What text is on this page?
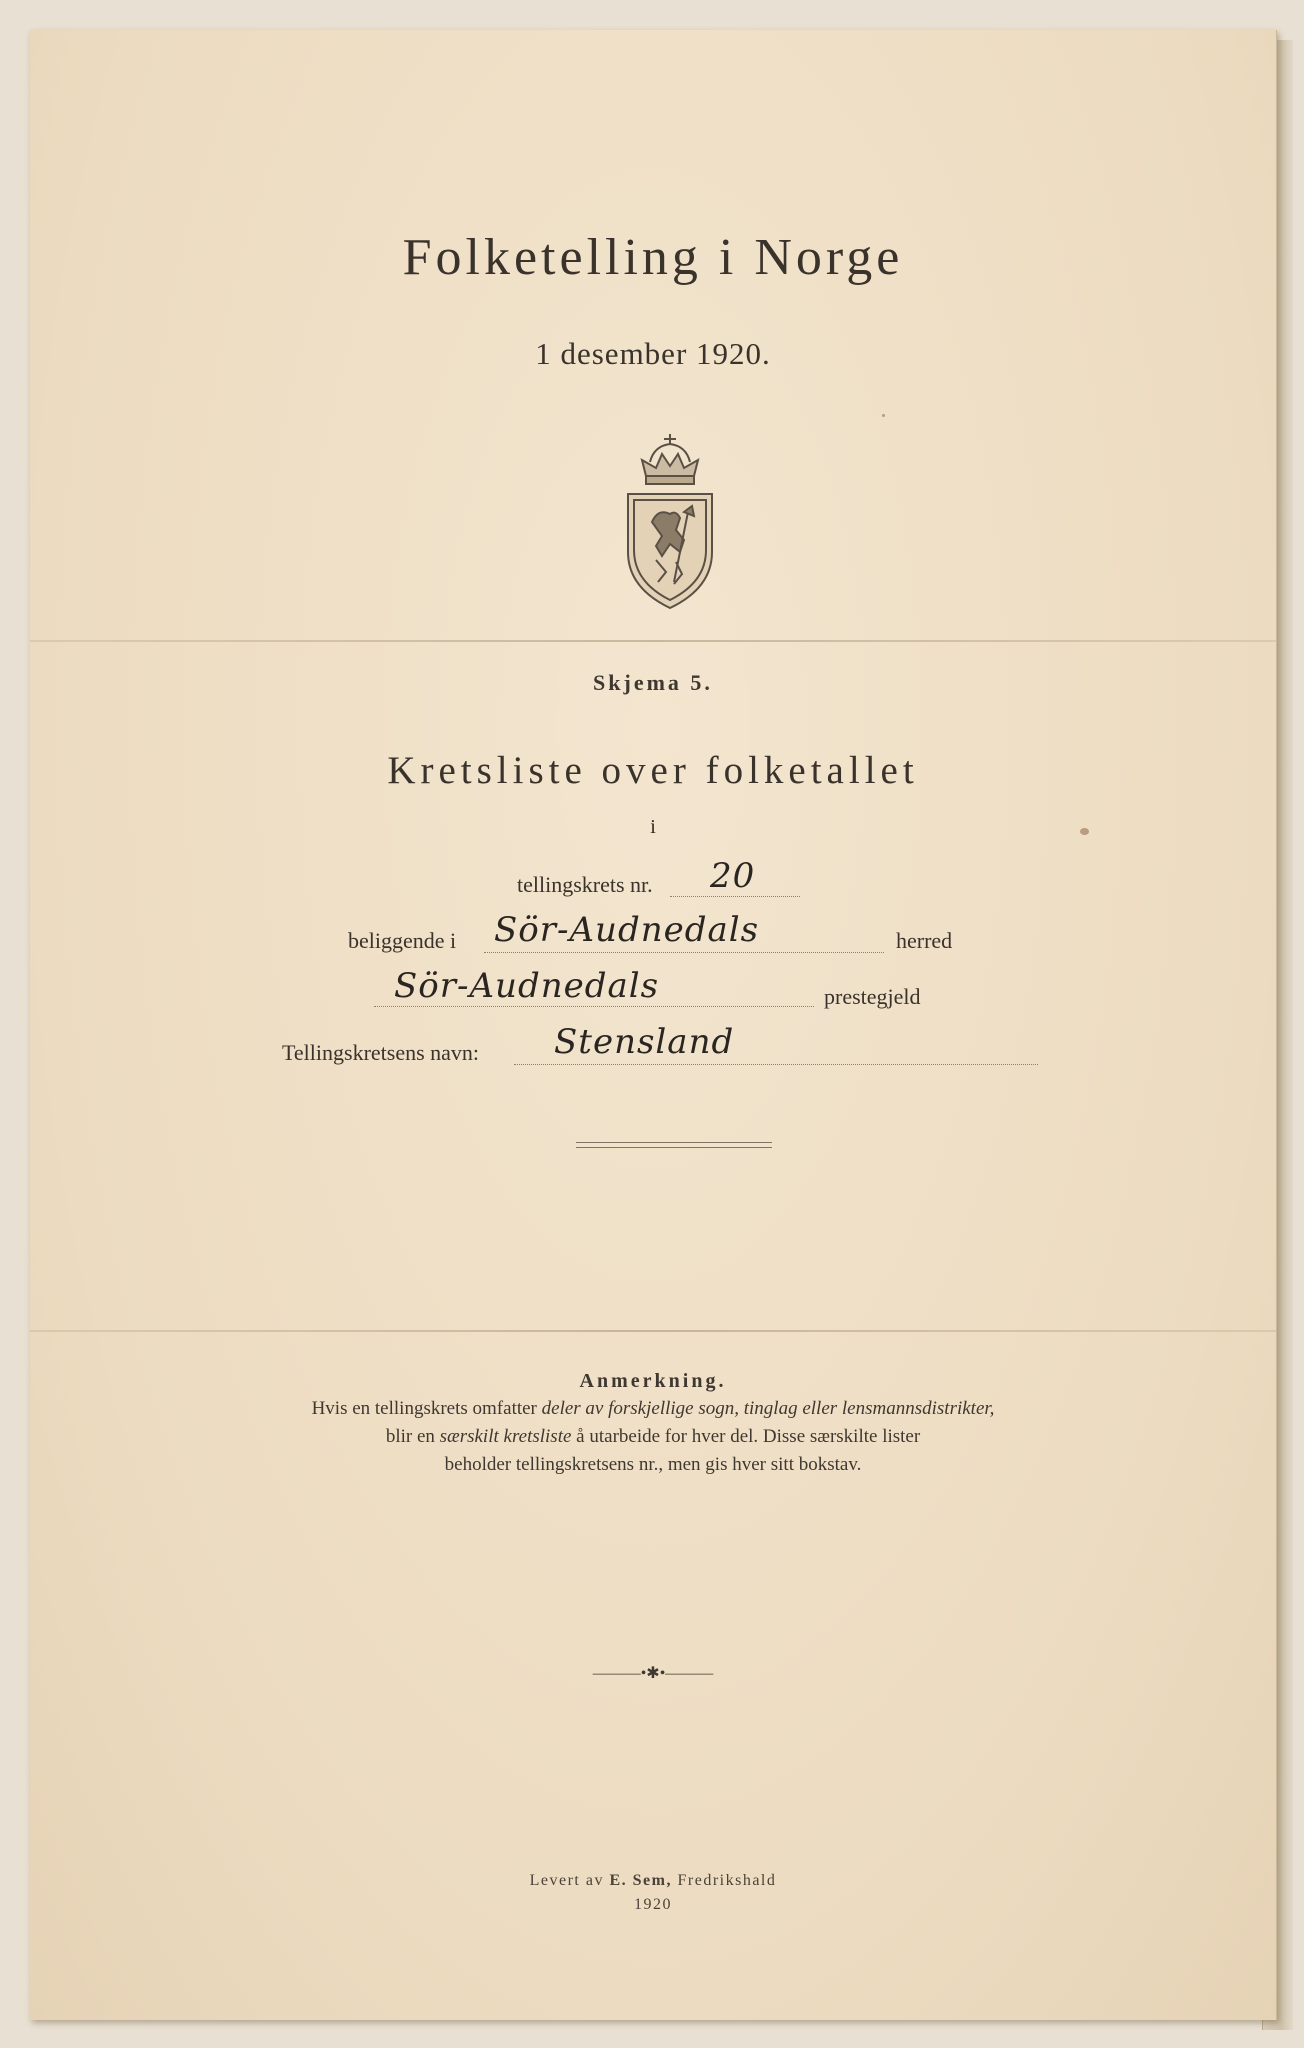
Folketelling i Norge
1 desember 1920.
Skjema 5.
Kretsliste over folketallet
i
tellingskrets nr. 20
beliggende i Sör-Audnedals	herred
Sör-Audnedals	prestegjeld
Tellingskretsens navn: Stensland
Anmerkning.
Hvis en tellingskrets omfatter deler av forskjellige sogn, tinglag eller lensmannsdistrikter,
blir en særskilt kretsliste å utarbeide for hver del. Disse særskilte lister
beholder tellingskretsens nr., men gis hver sitt bokstav.
———•✱•———
Levert av E. Sem, Fredrikshald
1920
